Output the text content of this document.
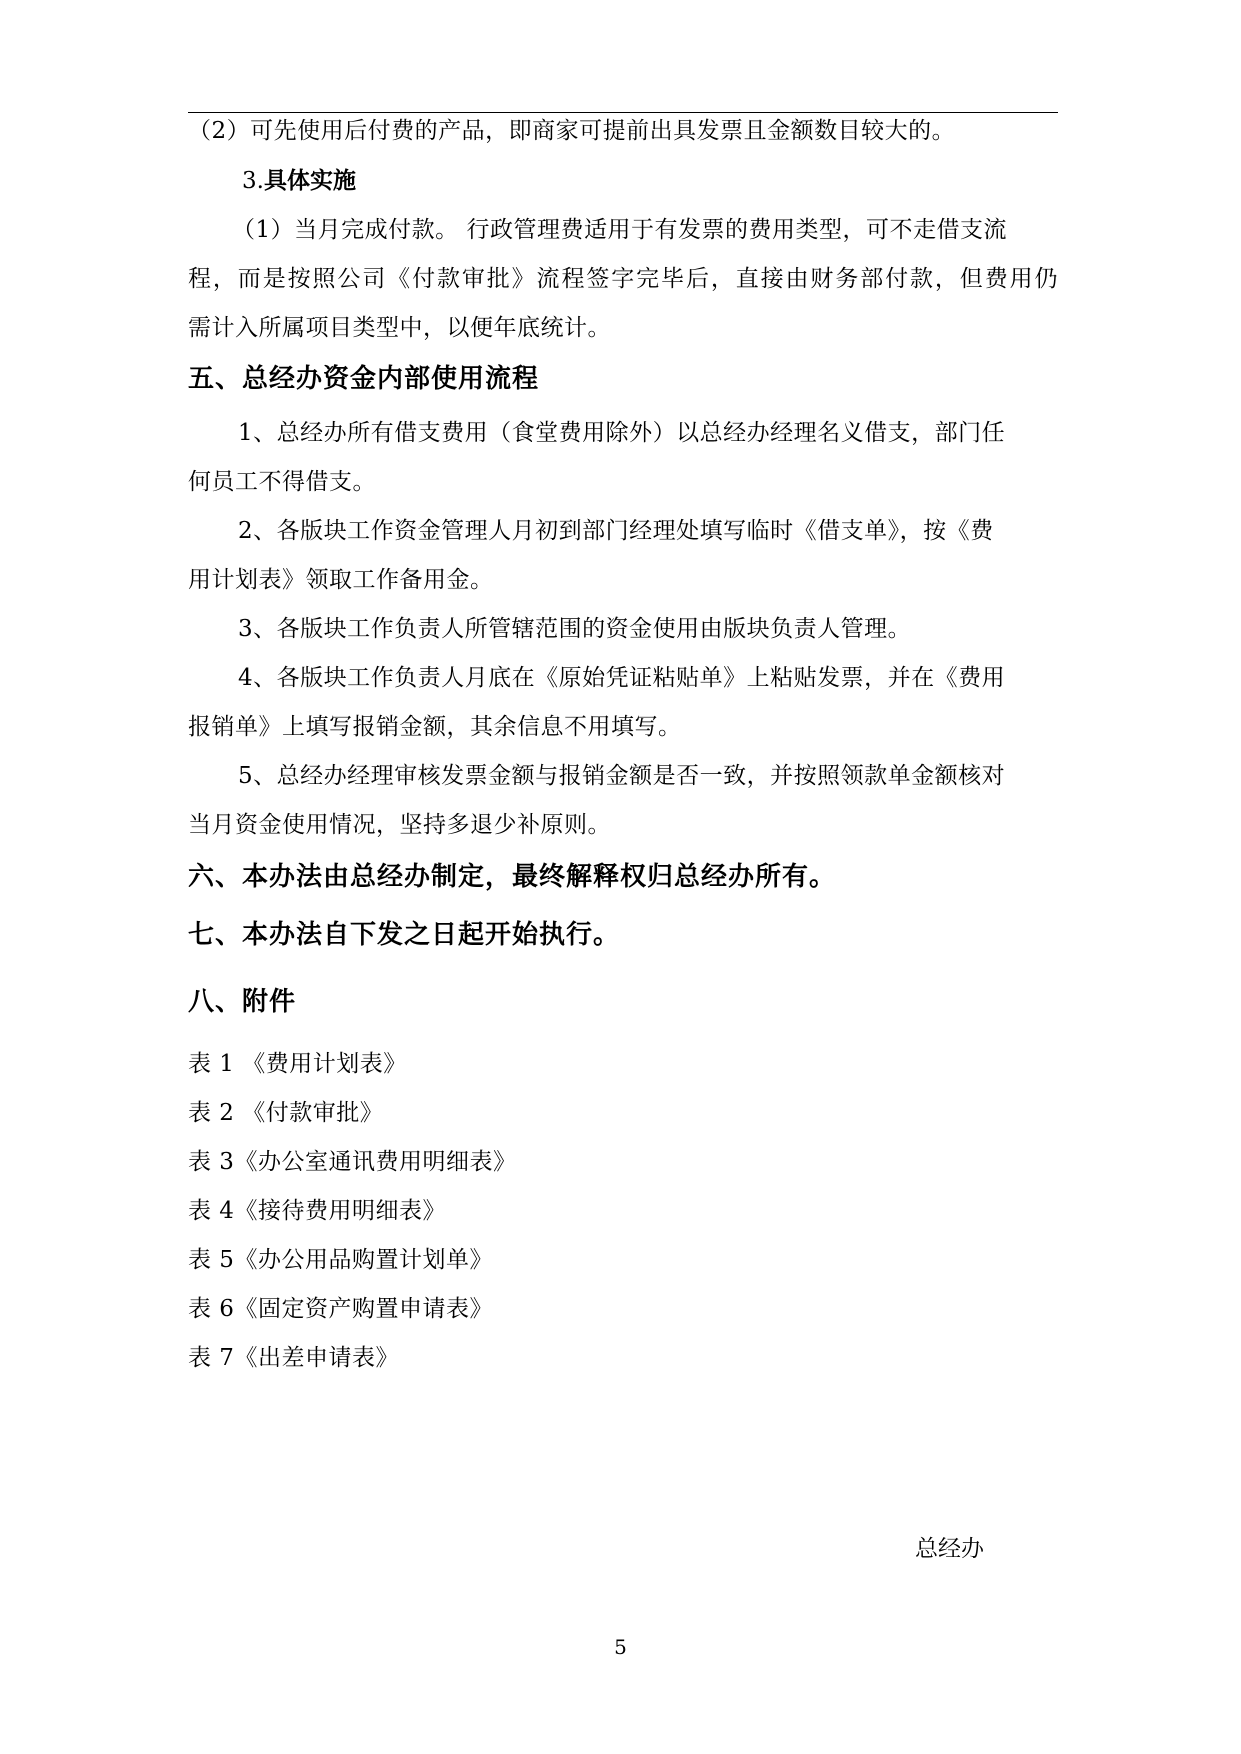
（2）可先使用后付费的产品，即商家可提前出具发票且金额数目较大的。
3.具体实施
（1）当月完成付款。 行政管理费适用于有发票的费用类型，可不走借支流
程，而是按照公司《付款审批》流程签字完毕后，直接由财务部付款，但费用仍
需计入所属项目类型中，以便年底统计。
五、总经办资金内部使用流程
1、总经办所有借支费用（食堂费用除外）以总经办经理名义借支，部门任
何员工不得借支。
2、各版块工作资金管理人月初到部门经理处填写临时《借支单》，按《费
用计划表》领取工作备用金。
3、各版块工作负责人所管辖范围的资金使用由版块负责人管理。
4、各版块工作负责人月底在《原始凭证粘贴单》上粘贴发票，并在《费用
报销单》上填写报销金额，其余信息不用填写。
5、总经办经理审核发票金额与报销金额是否一致，并按照领款单金额核对
当月资金使用情况，坚持多退少补原则。
六、本办法由总经办制定，最终解释权归总经办所有。
七、本办法自下发之日起开始执行。
八、附件
表 1 《费用计划表》
表 2 《付款审批》
表 3《办公室通讯费用明细表》
表 4《接待费用明细表》
表 5《办公用品购置计划单》
表 6《固定资产购置申请表》
表 7《出差申请表》
总经办
5
